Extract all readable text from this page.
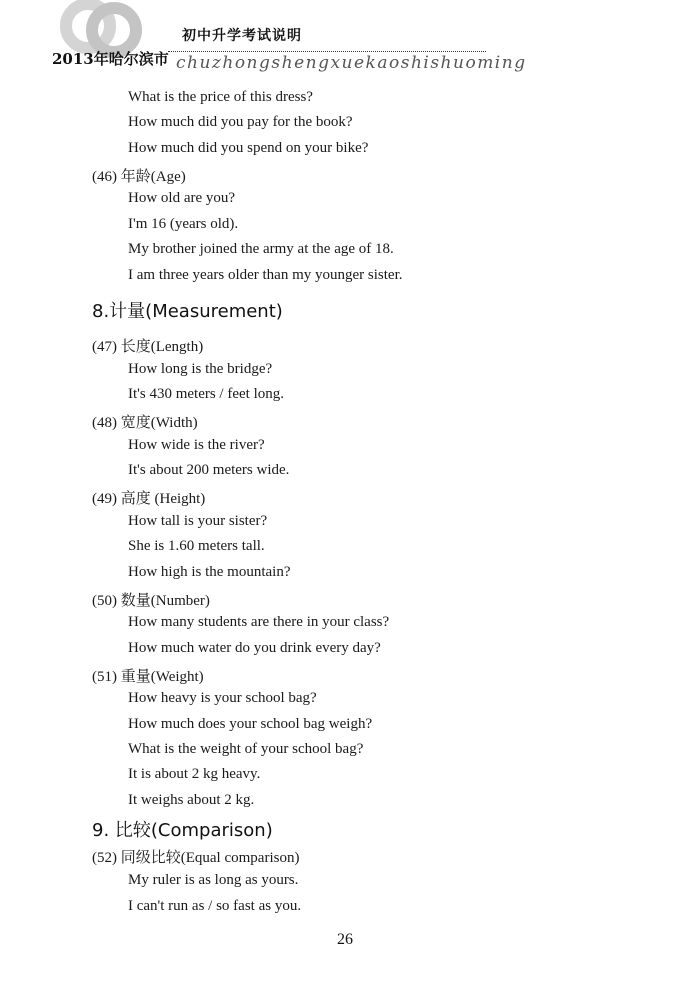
2013年哈尔滨市
初中升学考试说明
chuzhongshengxuekaoshishuoming
What is the price of this dress?
How much did you pay for the book?
How much did you spend on your bike?
(46) 年龄(Age)
How old are you?
I'm 16 (years old).
My brother joined the army at the age of 18.
I am three years older than my younger sister.
8.计量(Measurement)
(47) 长度(Length)
How long is the bridge?
It's 430 meters / feet long.
(48) 宽度(Width)
How wide is the river?
It's about 200 meters wide.
(49) 高度 (Height)
How tall is your sister?
She is 1.60 meters tall.
How high is the mountain?
(50) 数量(Number)
How many students are there in your class?
How much water do you drink every day?
(51) 重量(Weight)
How heavy is your school bag?
How much does your school bag weigh?
What is the weight of your school bag?
It is about 2 kg heavy.
It weighs about 2 kg.
9. 比较(Comparison)
(52) 同级比较(Equal comparison)
My ruler is as long as yours.
I can't run as / so fast as you.
26
